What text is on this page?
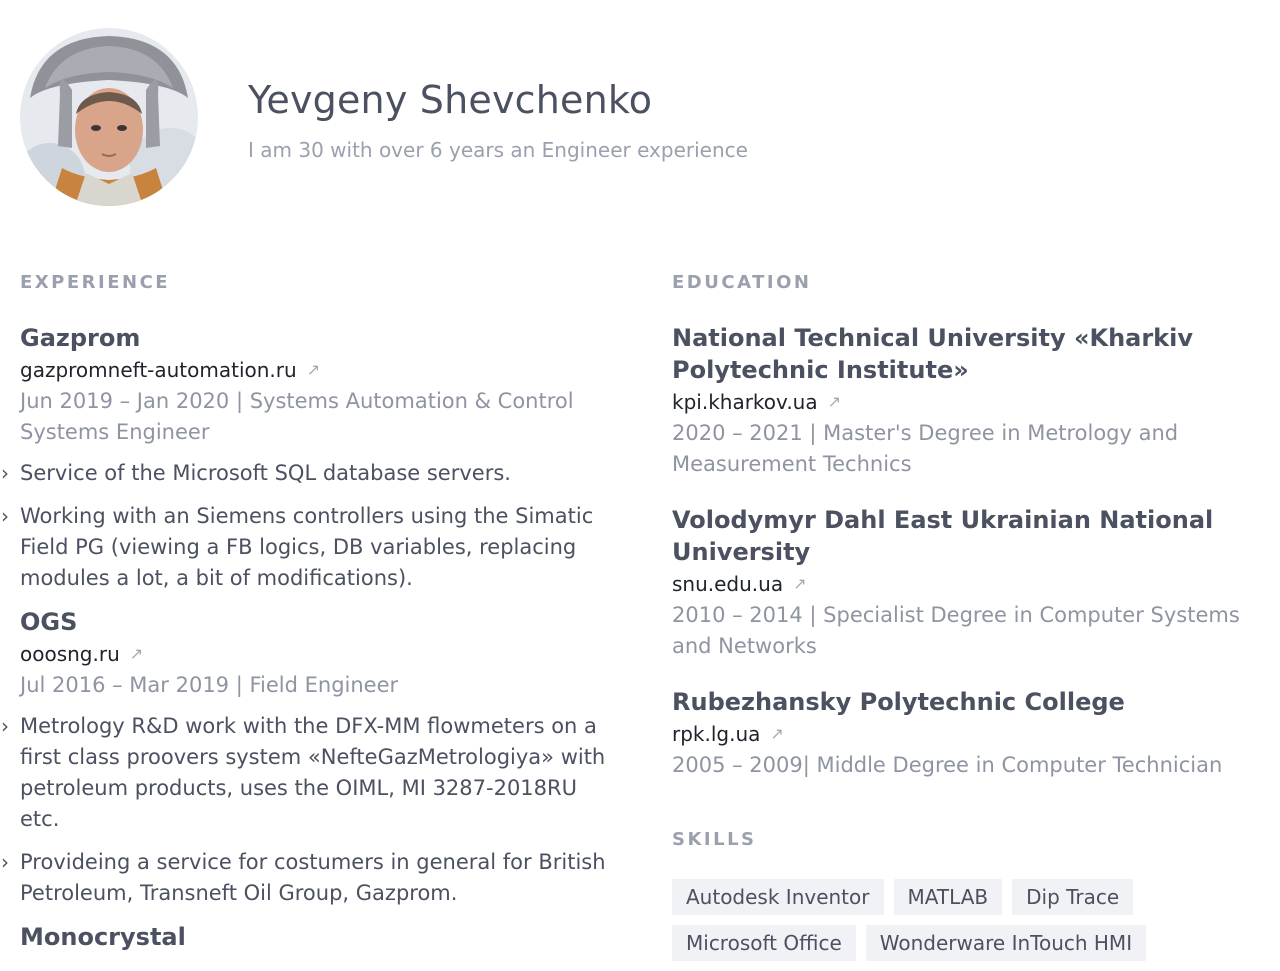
Yevgeny Shevchenko
I am 30 with over 6 years an Engineer experience
EXPERIENCE
Gazprom
gazpromneft-automation.ru ↗
Jun 2019 – Jan 2020 | Systems Automation & Control Systems Engineer
› Service of the Microsoft SQL database servers.
› Working with an Siemens controllers using the Simatic Field PG (viewing a FB logics, DB variables, replacing modules a lot, a bit of modifications).
OGS
ooosng.ru ↗
Jul 2016 – Mar 2019 | Field Engineer
› Metrology R&D work with the DFX-MM flowmeters on a first class proovers system «NefteGazMetrologiya» with petroleum products, uses the OIML, MI 3287-2018RU etc.
› Provideing a service for costumers in general for British Petroleum, Transneft Oil Group, Gazprom.
Monocrystal
EDUCATION
National Technical University «Kharkiv Polytechnic Institute»
kpi.kharkov.ua ↗
2020 – 2021 | Master's Degree in Metrology and Measurement Technics
Volodymyr Dahl East Ukrainian National University
snu.edu.ua ↗
2010 – 2014 | Specialist Degree in Computer Systems and Networks
Rubezhansky Polytechnic College
rpk.lg.ua ↗
2005 – 2009| Middle Degree in Computer Technician
SKILLS
Autodesk Inventor	MATLAB	Dip Trace
Microsoft Office	Wonderware InTouch HMI
